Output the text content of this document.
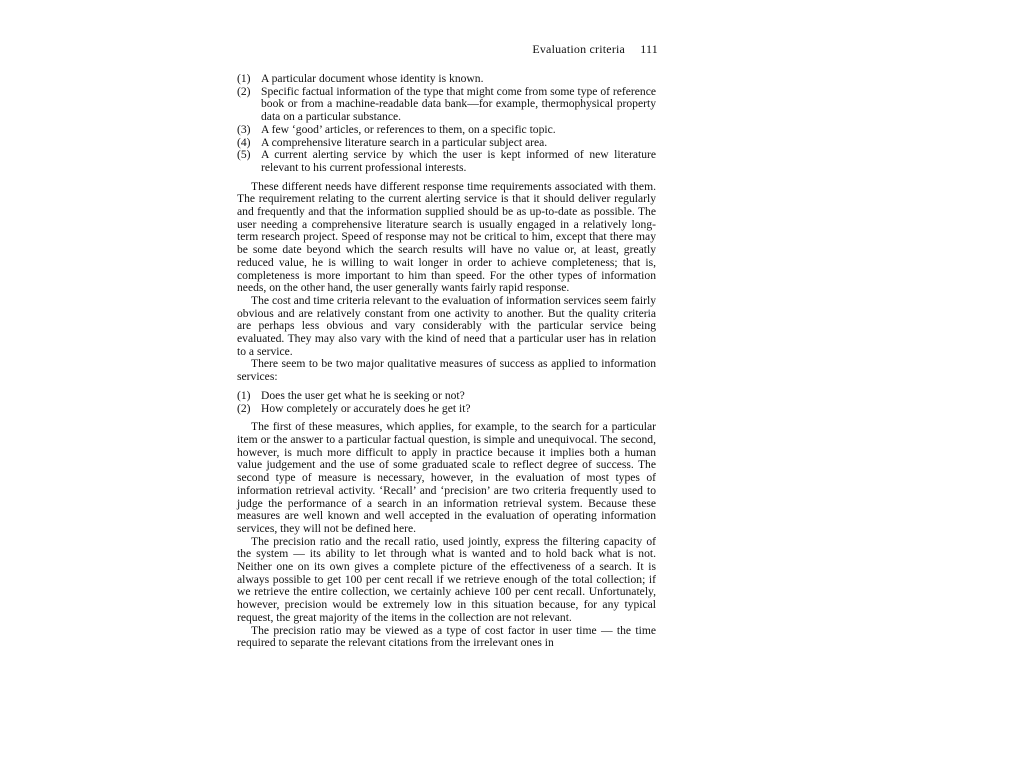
Evaluation criteria 111
(1) A particular document whose identity is known.
(2) Specific factual information of the type that might come from some type of reference book or from a machine-readable data bank—for example, thermophysical property data on a particular substance.
(3) A few ‘good’ articles, or references to them, on a specific topic.
(4) A comprehensive literature search in a particular subject area.
(5) A current alerting service by which the user is kept informed of new literature relevant to his current professional interests.

These different needs have different response time requirements associated with them. The requirement relating to the current alerting service is that it should deliver regularly and frequently and that the information supplied should be as up-to-date as possible. The user needing a comprehensive literature search is usually engaged in a relatively long-term research project. Speed of response may not be critical to him, except that there may be some date beyond which the search results will have no value or, at least, greatly reduced value, he is willing to wait longer in order to achieve completeness; that is, completeness is more important to him than speed. For the other types of information needs, on the other hand, the user generally wants fairly rapid response.

The cost and time criteria relevant to the evaluation of information services seem fairly obvious and are relatively constant from one activity to another. But the quality criteria are perhaps less obvious and vary considerably with the particular service being evaluated. They may also vary with the kind of need that a particular user has in relation to a service.

There seem to be two major qualitative measures of success as applied to information services:

(1) Does the user get what he is seeking or not?
(2) How completely or accurately does he get it?

The first of these measures, which applies, for example, to the search for a particular item or the answer to a particular factual question, is simple and unequivocal. The second, however, is much more difficult to apply in practice because it implies both a human value judgement and the use of some graduated scale to reflect degree of success. The second type of measure is necessary, however, in the evaluation of most types of information retrieval activity. ‘Recall’ and ‘precision’ are two criteria frequently used to judge the performance of a search in an information retrieval system. Because these measures are well known and well accepted in the evaluation of operating information services, they will not be defined here.

The precision ratio and the recall ratio, used jointly, express the filtering capacity of the system — its ability to let through what is wanted and to hold back what is not. Neither one on its own gives a complete picture of the effectiveness of a search. It is always possible to get 100 per cent recall if we retrieve enough of the total collection; if we retrieve the entire collection, we certainly achieve 100 per cent recall. Unfortunately, however, precision would be extremely low in this situation because, for any typical request, the great majority of the items in the collection are not relevant.

The precision ratio may be viewed as a type of cost factor in user time — the time required to separate the relevant citations from the irrelevant ones in
